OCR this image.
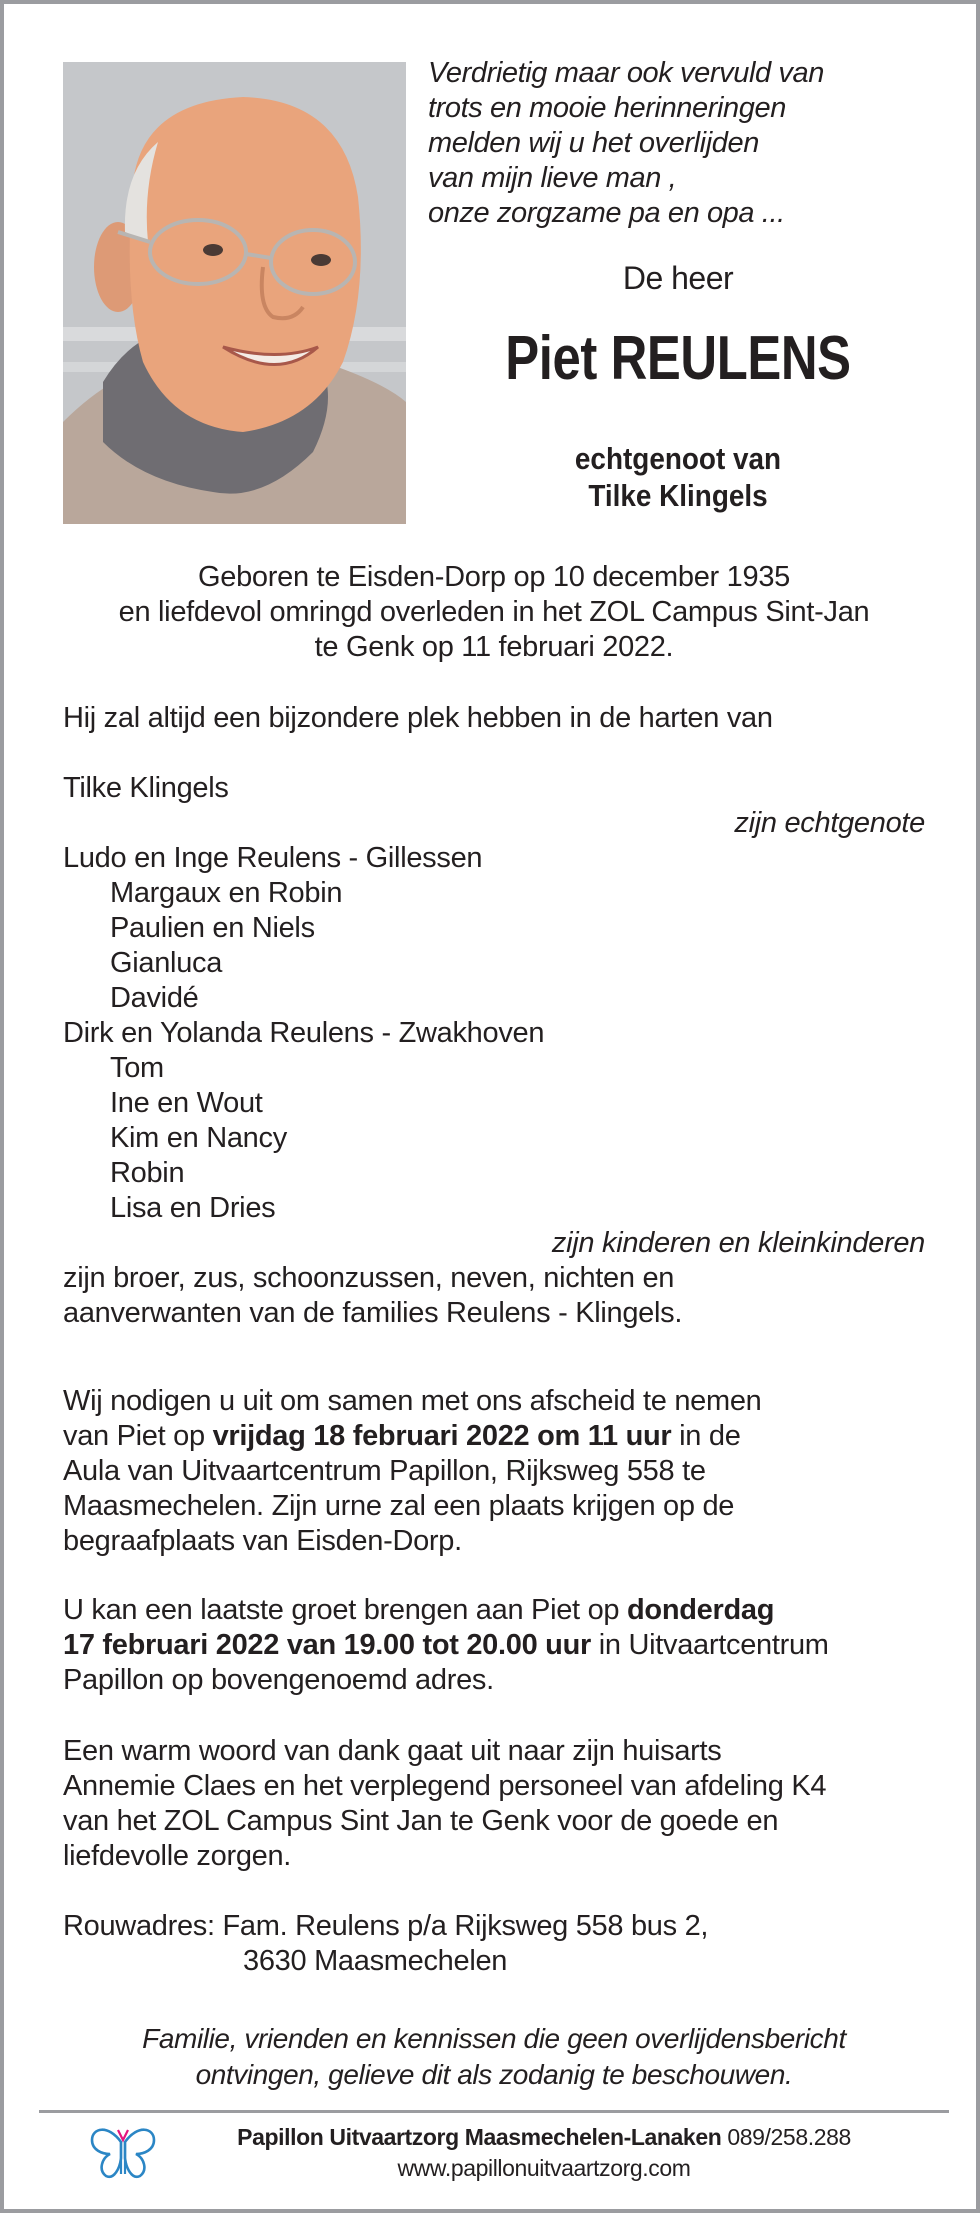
Verdrietig maar ook vervuld van
trots en mooie herinneringen
melden wij u het overlijden
van mijn lieve man ,
onze zorgzame pa en opa ...
De heer
Piet REULENS
echtgenoot van
Tilke Klingels
Geboren te Eisden-Dorp op 10 december 1935
en liefdevol omringd overleden in het ZOL Campus Sint-Jan
te Genk op 11 februari 2022.
Hij zal altijd een bijzondere plek hebben in de harten van
Tilke Klingels
zijn echtgenote
Ludo en Inge Reulens - Gillessen
Margaux en Robin
Paulien en Niels
Gianluca
Davidé
Dirk en Yolanda Reulens - Zwakhoven
Tom
Ine en Wout
Kim en Nancy
Robin
Lisa en Dries
zijn kinderen en kleinkinderen
zijn broer, zus, schoonzussen, neven, nichten en
aanverwanten van de families Reulens - Klingels.
Wij nodigen u uit om samen met ons afscheid te nemen
van Piet op vrijdag 18 februari 2022 om 11 uur in de
Aula van Uitvaartcentrum Papillon, Rijksweg 558 te
Maasmechelen. Zijn urne zal een plaats krijgen op de
begraafplaats van Eisden-Dorp.
U kan een laatste groet brengen aan Piet op donderdag
17 februari 2022 van 19.00 tot 20.00 uur in Uitvaartcentrum
Papillon op bovengenoemd adres.
Een warm woord van dank gaat uit naar zijn huisarts
Annemie Claes en het verplegend personeel van afdeling K4
van het ZOL Campus Sint Jan te Genk voor de goede en
liefdevolle zorgen.
Rouwadres: Fam. Reulens p/a Rijksweg 558 bus 2,
3630 Maasmechelen
Familie, vrienden en kennissen die geen overlijdensbericht
ontvingen, gelieve dit als zodanig te beschouwen.
Papillon Uitvaartzorg Maasmechelen-Lanaken 089/258.288
www.papillonuitvaartzorg.com
